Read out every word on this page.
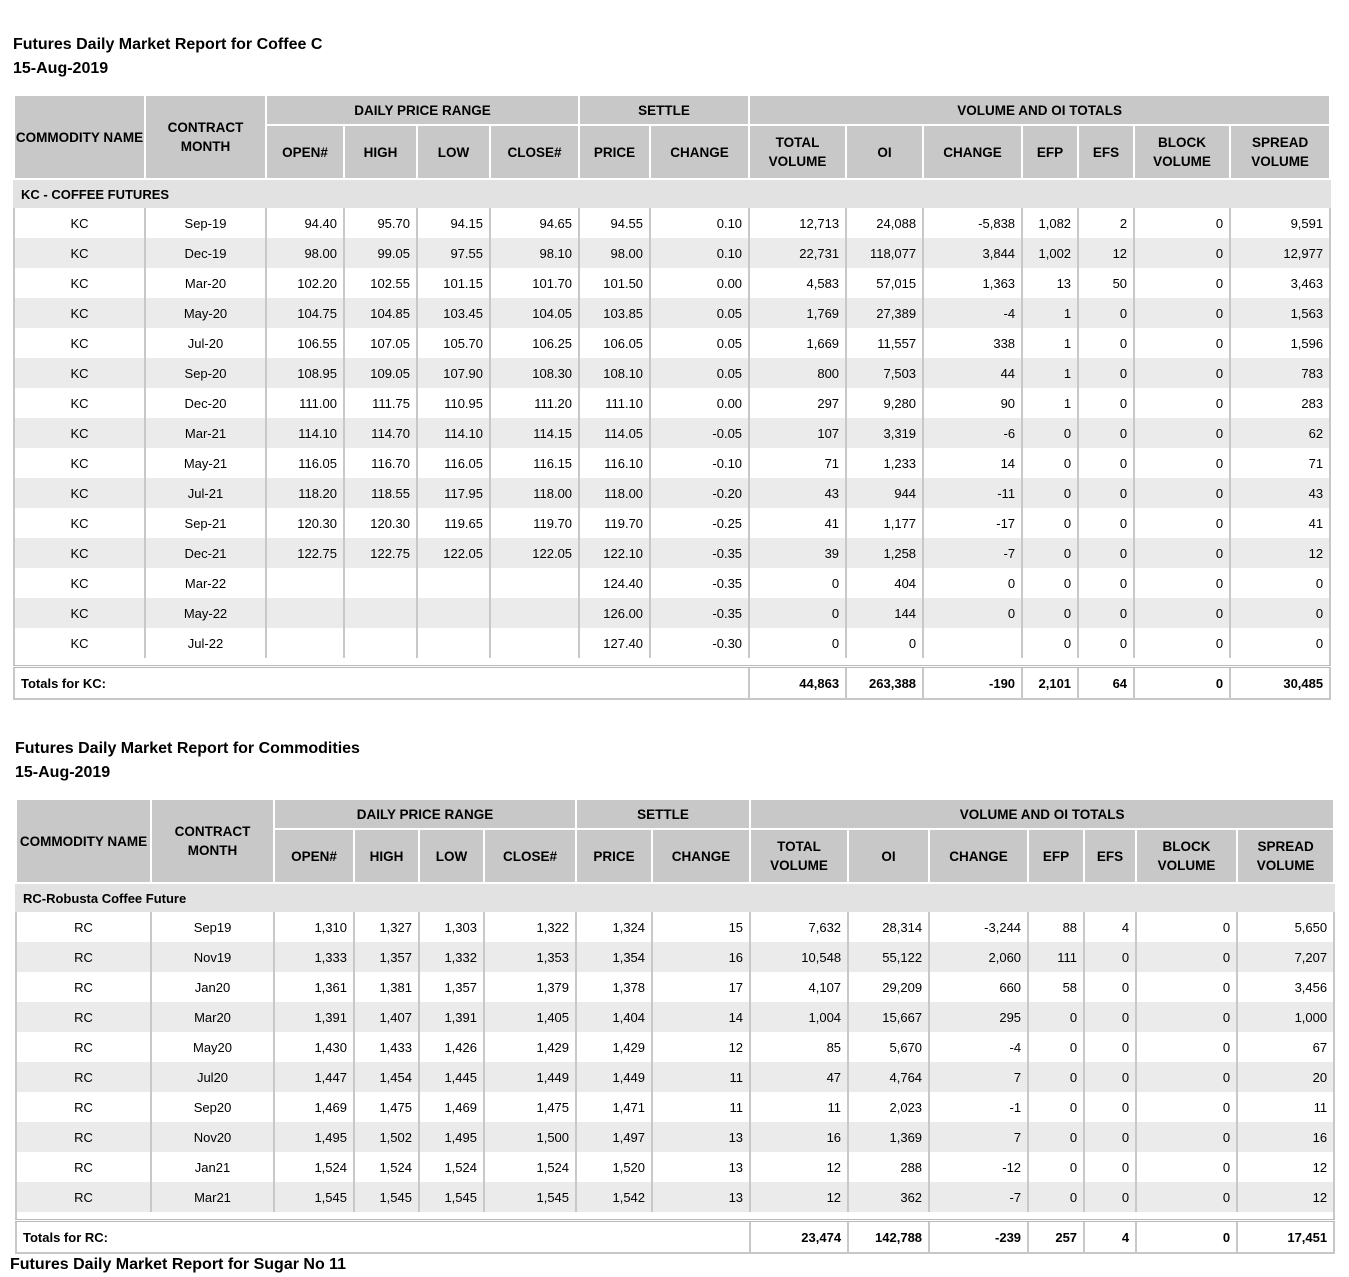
Futures Daily Market Report for Coffee C
15-Aug-2019
COMMODITY NAME	CONTRACT MONTH	DAILY PRICE RANGE				SETTLE		VOLUME AND OI TOTALS						
		OPEN#	HIGH	LOW	CLOSE#	PRICE	CHANGE	TOTAL VOLUME	OI	CHANGE	EFP	EFS	BLOCK VOLUME	SPREAD VOLUME
KC - COFFEE FUTURES														
KC	Sep-19	94.40	95.70	94.15	94.65	94.55	0.10	12,713	24,088	-5,838	1,082	2	0	9,591
KC	Dec-19	98.00	99.05	97.55	98.10	98.00	0.10	22,731	118,077	3,844	1,002	12	0	12,977
KC	Mar-20	102.20	102.55	101.15	101.70	101.50	0.00	4,583	57,015	1,363	13	50	0	3,463
KC	May-20	104.75	104.85	103.45	104.05	103.85	0.05	1,769	27,389	-4	1	0	0	1,563
KC	Jul-20	106.55	107.05	105.70	106.25	106.05	0.05	1,669	11,557	338	1	0	0	1,596
KC	Sep-20	108.95	109.05	107.90	108.30	108.10	0.05	800	7,503	44	1	0	0	783
KC	Dec-20	111.00	111.75	110.95	111.20	111.10	0.00	297	9,280	90	1	0	0	283
KC	Mar-21	114.10	114.70	114.10	114.15	114.05	-0.05	107	3,319	-6	0	0	0	62
KC	May-21	116.05	116.70	116.05	116.15	116.10	-0.10	71	1,233	14	0	0	0	71
KC	Jul-21	118.20	118.55	117.95	118.00	118.00	-0.20	43	944	-11	0	0	0	43
KC	Sep-21	120.30	120.30	119.65	119.70	119.70	-0.25	41	1,177	-17	0	0	0	41
KC	Dec-21	122.75	122.75	122.05	122.05	122.10	-0.35	39	1,258	-7	0	0	0	12
KC	Mar-22					124.40	-0.35	0	404	0	0	0	0	0
KC	May-22					126.00	-0.35	0	144	0	0	0	0	0
KC	Jul-22					127.40	-0.30	0	0		0	0	0	0

Totals for KC:								44,863	263,388	-190	2,101	64	0	30,485
Futures Daily Market Report for Commodities
15-Aug-2019
COMMODITY NAME	CONTRACT MONTH	DAILY PRICE RANGE				SETTLE		VOLUME AND OI TOTALS						
		OPEN#	HIGH	LOW	CLOSE#	PRICE	CHANGE	TOTAL VOLUME	OI	CHANGE	EFP	EFS	BLOCK VOLUME	SPREAD VOLUME
RC-Robusta Coffee Future														
RC	Sep19	1,310	1,327	1,303	1,322	1,324	15	7,632	28,314	-3,244	88	4	0	5,650
RC	Nov19	1,333	1,357	1,332	1,353	1,354	16	10,548	55,122	2,060	111	0	0	7,207
RC	Jan20	1,361	1,381	1,357	1,379	1,378	17	4,107	29,209	660	58	0	0	3,456
RC	Mar20	1,391	1,407	1,391	1,405	1,404	14	1,004	15,667	295	0	0	0	1,000
RC	May20	1,430	1,433	1,426	1,429	1,429	12	85	5,670	-4	0	0	0	67
RC	Jul20	1,447	1,454	1,445	1,449	1,449	11	47	4,764	7	0	0	0	20
RC	Sep20	1,469	1,475	1,469	1,475	1,471	11	11	2,023	-1	0	0	0	11
RC	Nov20	1,495	1,502	1,495	1,500	1,497	13	16	1,369	7	0	0	0	16
RC	Jan21	1,524	1,524	1,524	1,524	1,520	13	12	288	-12	0	0	0	12
RC	Mar21	1,545	1,545	1,545	1,545	1,542	13	12	362	-7	0	0	0	12

Totals for RC:								23,474	142,788	-239	257	4	0	17,451
Futures Daily Market Report for Sugar No 11
